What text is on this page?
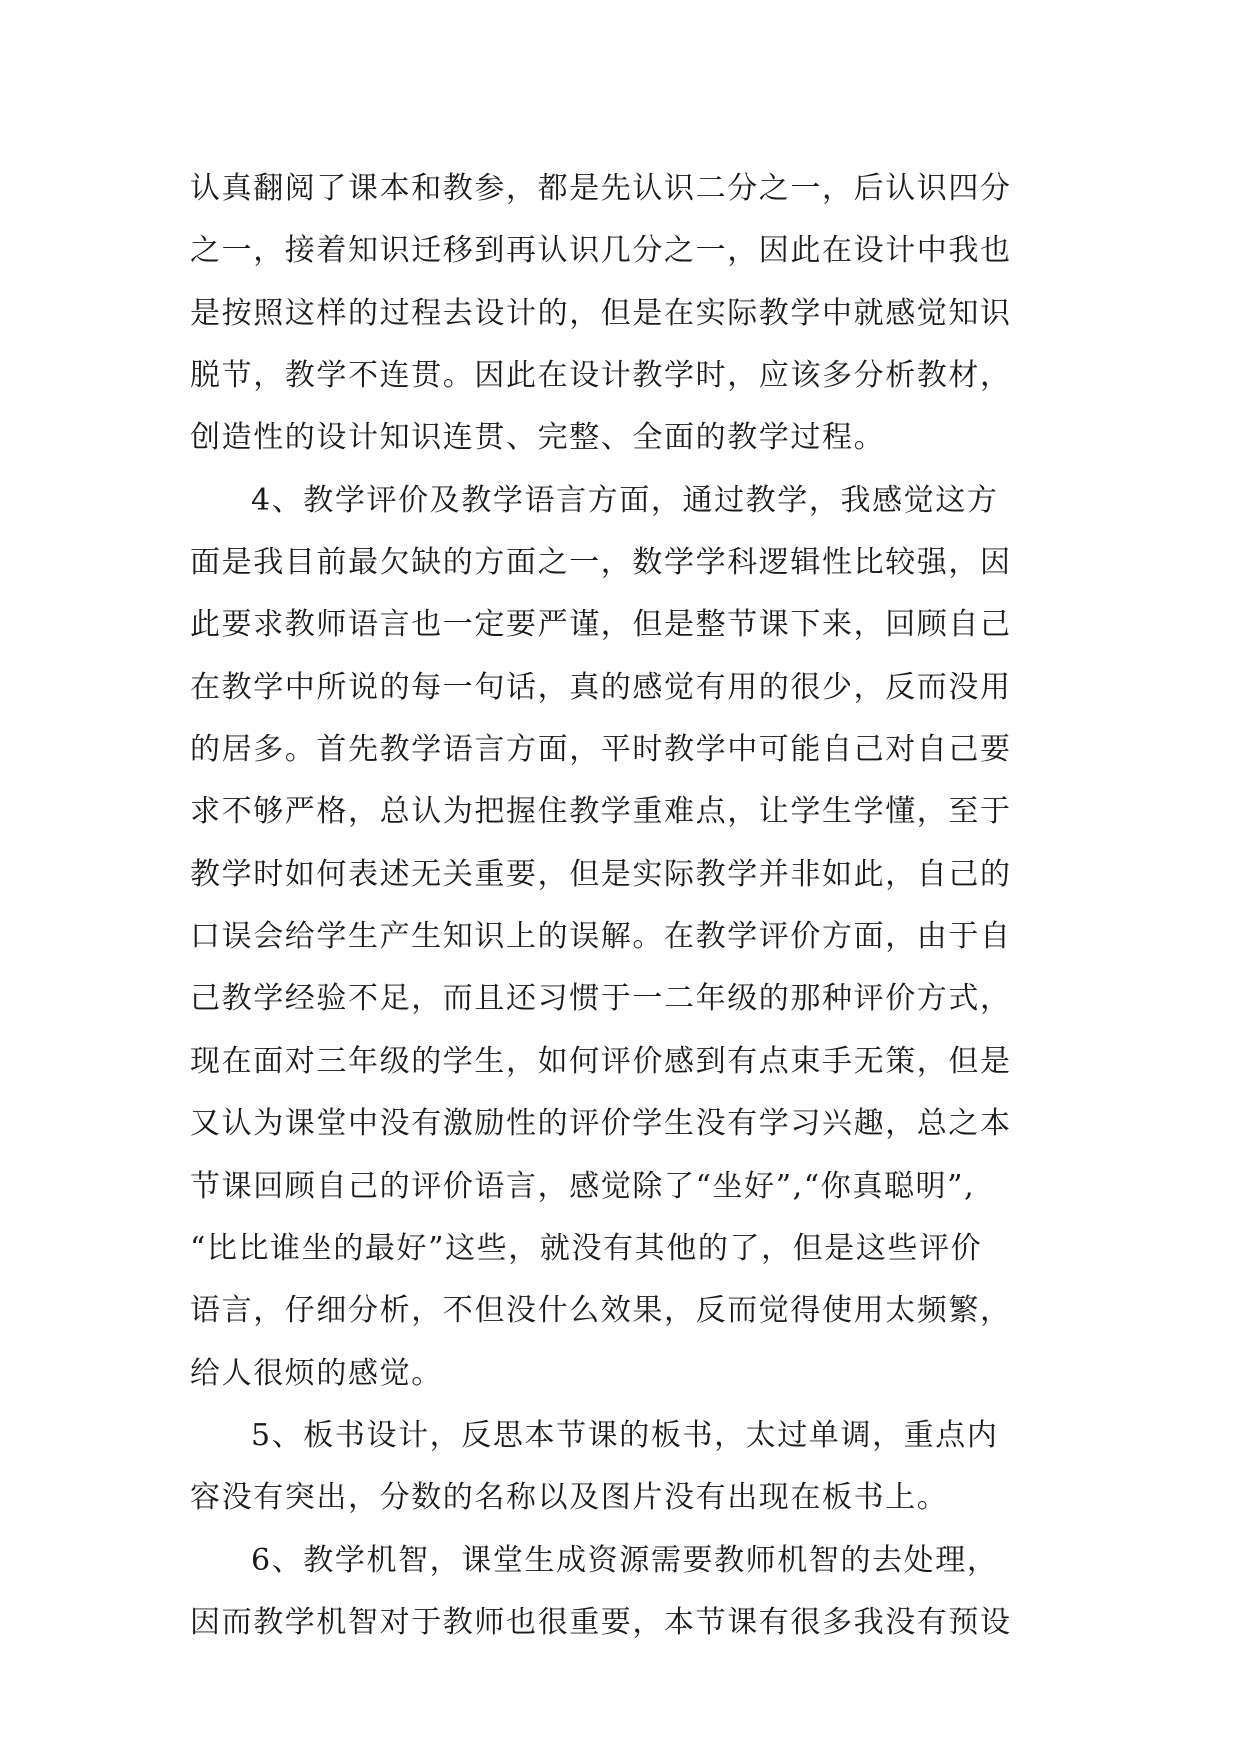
认真翻阅了课本和教参，都是先认识二分之一，后认识四分
之一，接着知识迁移到再认识几分之一，因此在设计中我也
是按照这样的过程去设计的，但是在实际教学中就感觉知识
脱节，教学不连贯。因此在设计教学时，应该多分析教材，
创造性的设计知识连贯、完整、全面的教学过程。
4、教学评价及教学语言方面，通过教学，我感觉这方
面是我目前最欠缺的方面之一，数学学科逻辑性比较强，因
此要求教师语言也一定要严谨，但是整节课下来，回顾自己
在教学中所说的每一句话，真的感觉有用的很少，反而没用
的居多。首先教学语言方面，平时教学中可能自己对自己要
求不够严格，总认为把握住教学重难点，让学生学懂，至于
教学时如何表述无关重要，但是实际教学并非如此，自己的
口误会给学生产生知识上的误解。在教学评价方面，由于自
己教学经验不足，而且还习惯于一二年级的那种评价方式，
现在面对三年级的学生，如何评价感到有点束手无策，但是
又认为课堂中没有激励性的评价学生没有学习兴趣，总之本
节课回顾自己的评价语言，感觉除了“坐好”,“你真聪明”,
“比比谁坐的最好”这些，就没有其他的了，但是这些评价
语言，仔细分析，不但没什么效果，反而觉得使用太频繁，
给人很烦的感觉。
5、板书设计，反思本节课的板书，太过单调，重点内
容没有突出，分数的名称以及图片没有出现在板书上。
6、教学机智，课堂生成资源需要教师机智的去处理，
因而教学机智对于教师也很重要，本节课有很多我没有预设
